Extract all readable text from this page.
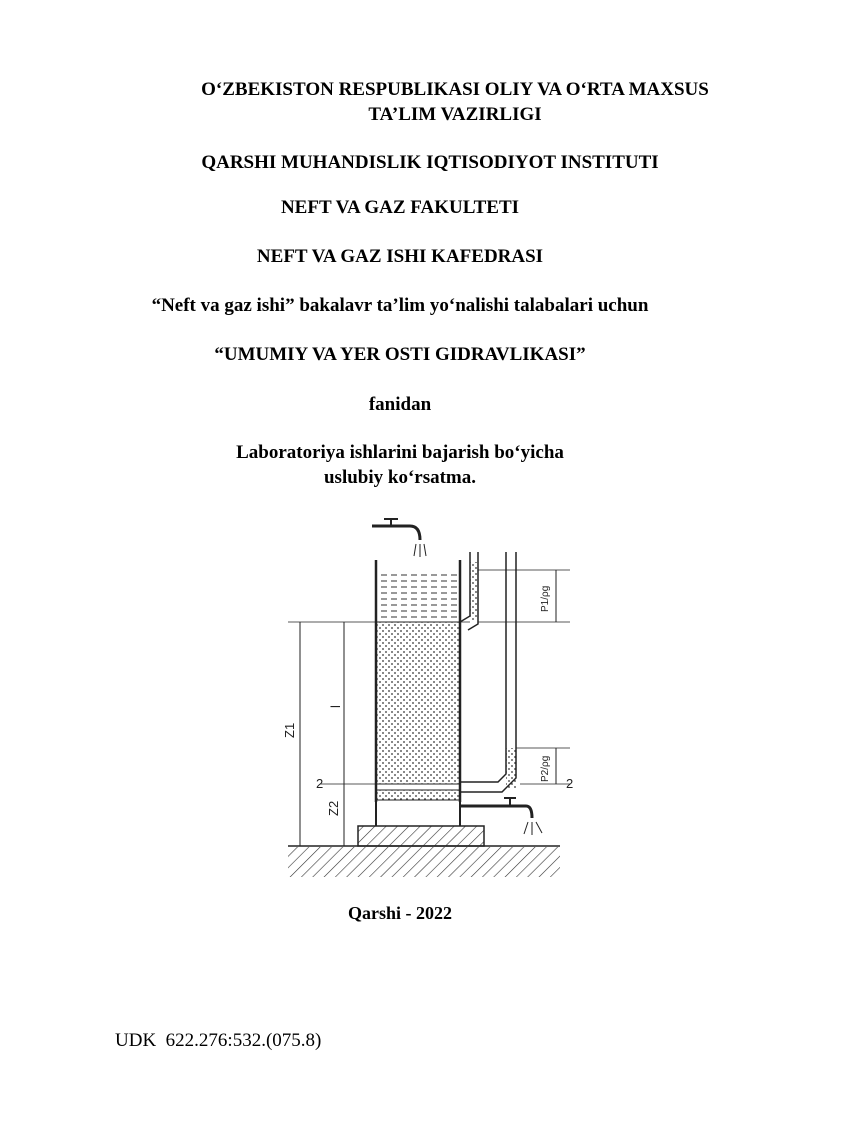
O‘ZBEKISTON RESPUBLIKASI OLIY VA O‘RTA MAXSUS
TA’LIM VAZIRLIGI
QARSHI MUHANDISLIK IQTISODIYOT INSTITUTI
NEFT VA GAZ FAKULTETI
NEFT VA GAZ ISHI KAFEDRASI
“Neft va gaz ishi” bakalavr ta’lim yo‘nalishi talabalari uchun
“UMUMIY VA YER OSTI GIDRAVLIKASI”
fanidan
Laboratoriya ishlarini bajarish bo‘yicha
uslubiy ko‘rsatma.
Z1
l
Z2
2	2
P1/ρg
P2/ρg
Qarshi - 2022
UDK  622.276:532.(075.8)
